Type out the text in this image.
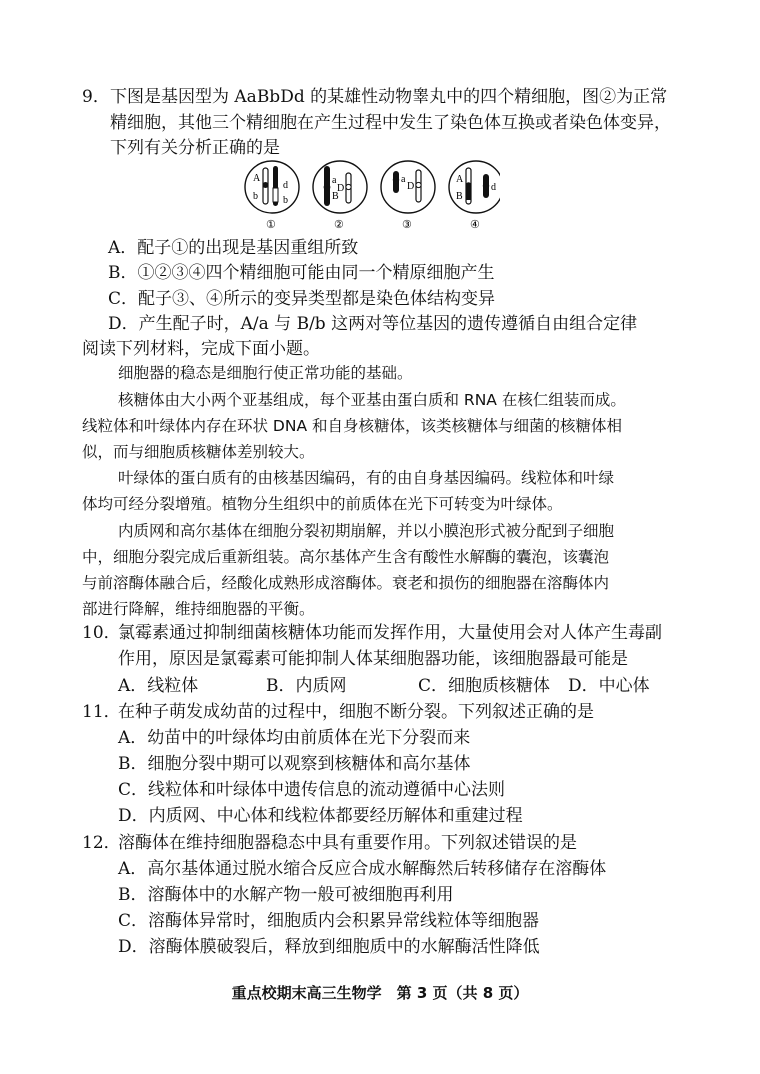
9． 下图是基因型为 AaBbDd 的某雄性动物睾丸中的四个精细胞，图②为正常
精细胞，其他三个精细胞在产生过程中发生了染色体互换或者染色体变异，
下列有关分析正确的是
A
b
d
b
①
a
B
D
②
a
D
③
A
B
d
④
A．配子①的出现是基因重组所致
B．①②③④四个精细胞可能由同一个精原细胞产生
C．配子③、④所示的变异类型都是染色体结构变异
D．产生配子时，A/a 与 B/b 这两对等位基因的遗传遵循自由组合定律
阅读下列材料，完成下面小题。
细胞器的稳态是细胞行使正常功能的基础。
核糖体由大小两个亚基组成，每个亚基由蛋白质和 RNA 在核仁组装而成。
线粒体和叶绿体内存在环状 DNA 和自身核糖体，该类核糖体与细菌的核糖体相
似，而与细胞质核糖体差别较大。
叶绿体的蛋白质有的由核基因编码，有的由自身基因编码。线粒体和叶绿
体均可经分裂增殖。植物分生组织中的前质体在光下可转变为叶绿体。
内质网和高尔基体在细胞分裂初期崩解，并以小膜泡形式被分配到子细胞
中，细胞分裂完成后重新组装。高尔基体产生含有酸性水解酶的囊泡，该囊泡
与前溶酶体融合后，经酸化成熟形成溶酶体。衰老和损伤的细胞器在溶酶体内
部进行降解，维持细胞器的平衡。
10．
氯霉素通过抑制细菌核糖体功能而发挥作用，大量使用会对人体产生毒副
作用，原因是氯霉素可能抑制人体某细胞器功能，该细胞器最可能是
A．线粒体	B．内质网	C．细胞质核糖体 D．中心体
11．
在种子萌发成幼苗的过程中，细胞不断分裂。下列叙述正确的是
A．幼苗中的叶绿体均由前质体在光下分裂而来
B．细胞分裂中期可以观察到核糖体和高尔基体
C．线粒体和叶绿体中遗传信息的流动遵循中心法则
D．内质网、中心体和线粒体都要经历解体和重建过程
12．
溶酶体在维持细胞器稳态中具有重要作用。下列叙述错误的是
A．高尔基体通过脱水缩合反应合成水解酶然后转移储存在溶酶体
B．溶酶体中的水解产物一般可被细胞再利用
C．溶酶体异常时，细胞质内会积累异常线粒体等细胞器
D．溶酶体膜破裂后，释放到细胞质中的水解酶活性降低
重点校期末高三生物学　第 3 页（共 8 页）
